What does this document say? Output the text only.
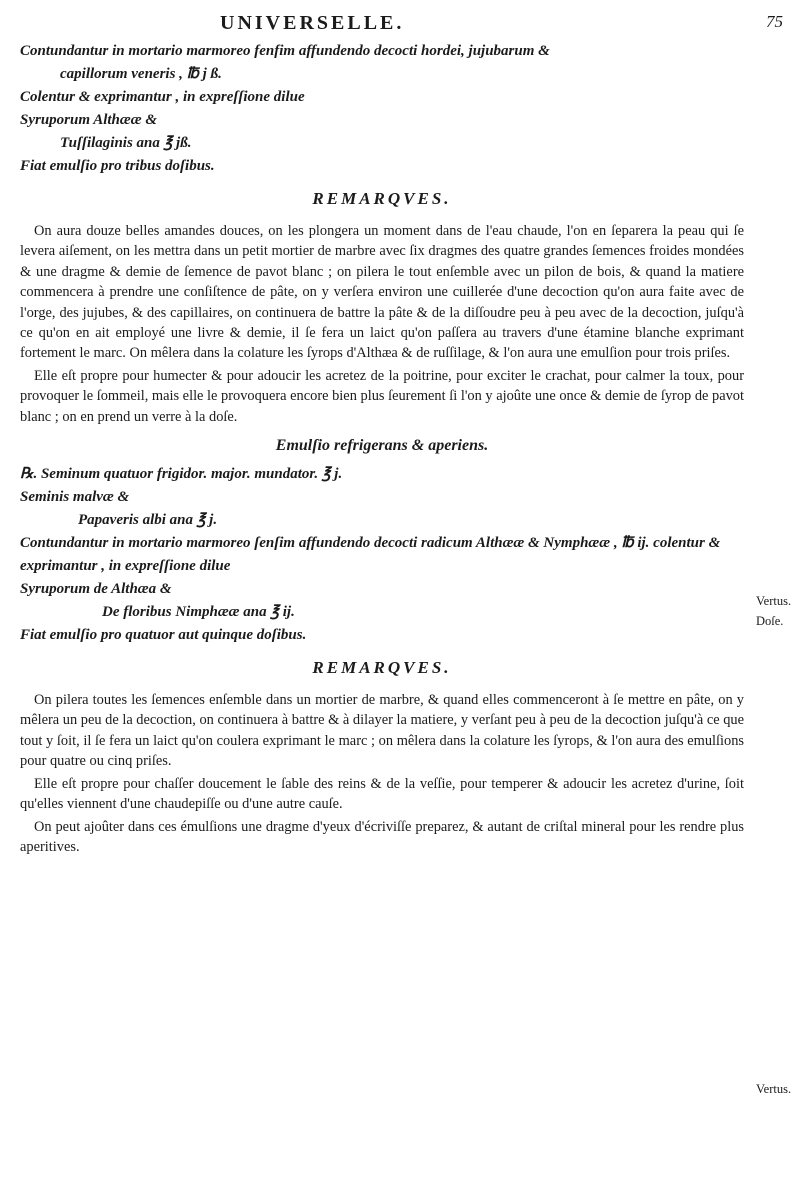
UNIVERSELLE.	75
Contundantur in mortario marmoreo fenfim affundendo decocti hordei, jujubarum &
capillorum veneris , ℔ j ß.
Colentur & exprimantur , in expreſſione dilue
Syruporum Althææ &
Tuſſilaginis ana ℥ jß.
Fiat emulſio pro tribus doſibus.
REMARQVES.

On aura douze belles amandes douces, on les plongera un moment dans de l'eau chaude, l'on en ſeparera la peau qui ſe levera aiſement, on les mettra dans un petit mortier de marbre avec ſix dragmes des quatre grandes ſemences froides mondées & une dragme & demie de ſemence de pavot blanc ; on pilera le tout enſemble avec un pilon de bois, & quand la matiere commencera à prendre une conſiſtence de pâte, on y verſera environ une cuillerée d'une decoction qu'on aura faite avec de l'orge, des jujubes, & des capillaires, on continuera de battre la pâte & de la diſſoudre peu à peu avec de la decoction, juſqu'à ce qu'on en ait employé une livre & demie, il ſe fera un laict qu'on paſſera au travers d'une étamine blanche exprimant fortement le marc. On mêlera dans la colature les ſyrops d'Althæa & de ruſſilage, & l'on aura une emulſion pour trois priſes.

Elle eſt propre pour humecter & pour adoucir les acretez de la poitrine, pour exciter le crachat, pour calmer la toux, pour provoquer le ſommeil, mais elle le provoquera encore bien plus ſeurement ſi l'on y ajoûte une once & demie de ſyrop de pavot blanc ; on en prend un verre à la doſe.

Emulſio refrigerans & aperiens.
℞. Seminum quatuor frigidor. major. mundator. ℥ j.
Seminis malvæ &
Papaveris albi ana ℥ j.
Contundantur in mortario marmoreo ſenſim affundendo decocti radicum Althææ & Nymphææ , ℔ ij. colentur & exprimantur , in expreſſione dilue
Syruporum de Althæa &
De floribus Nimphææ ana ℥ ij.
Fiat emulſio pro quatuor aut quinque doſibus.
REMARQVES.

On pilera toutes les ſemences enſemble dans un mortier de marbre, & quand elles commenceront à ſe mettre en pâte, on y mêlera un peu de la decoction, on continuera à battre & à dilayer la matiere, y verſant peu à peu de la decoction juſqu'à ce que tout y ſoit, il ſe fera un laict qu'on coulera exprimant le marc ; on mêlera dans la colature les ſyrops, & l'on aura des emulſions pour quatre ou cinq priſes.

Elle eſt propre pour chaſſer doucement le ſable des reins & de la veſſie, pour temperer & adoucir les acretez d'urine, ſoit qu'elles viennent d'une chaudepiſſe ou d'une autre cauſe.

On peut ajoûter dans ces émulſions une dragme d'yeux d'écriviſſe preparez, & autant de criſtal mineral pour les rendre plus aperitives.

Vertus.
Doſe.
Vertus.
